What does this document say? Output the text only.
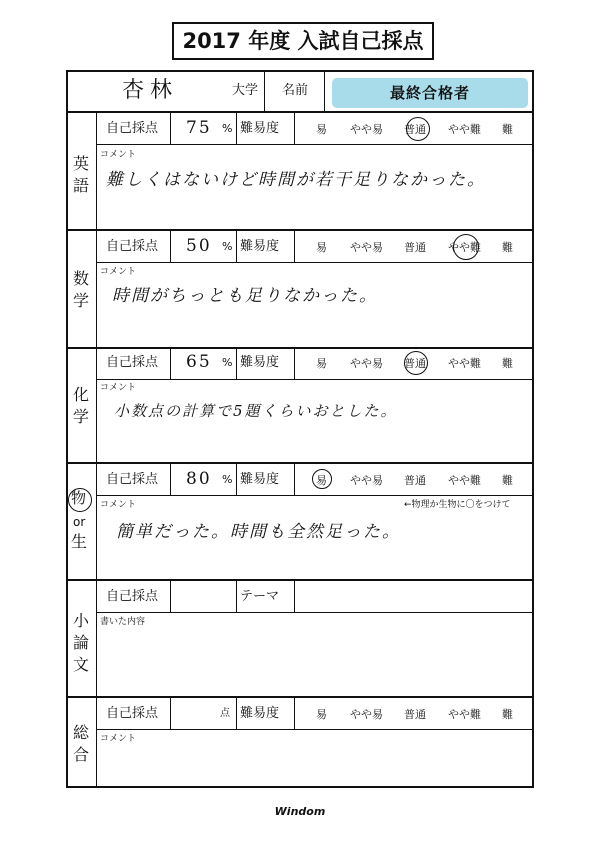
2017 年度 入試自己採点
杏林	大学 名前	最終合格者
英語
自己採点 75 % 難易度	易 やや易 普通 やや難 難
コメント
難しくはないけど時間が若干足りなかった。
数学
自己採点 50 % 難易度	易 やや易 普通 やや難 難
コメント
時間がちっとも足りなかった。
化学
自己採点 65 % 難易度	易 やや易 普通 やや難 難
コメント
小数点の計算で5題くらいおとした。
物
or
生
自己採点 80 % 難易度	易 やや易 普通 やや難 難
コメント	←物理か生物に〇をつけて
簡単だった。時間も全然足った。
小論文
自己採点	テーマ
書いた内容
総合
自己採点	点 難易度	易 やや易 普通 やや難 難
コメント
Windom
